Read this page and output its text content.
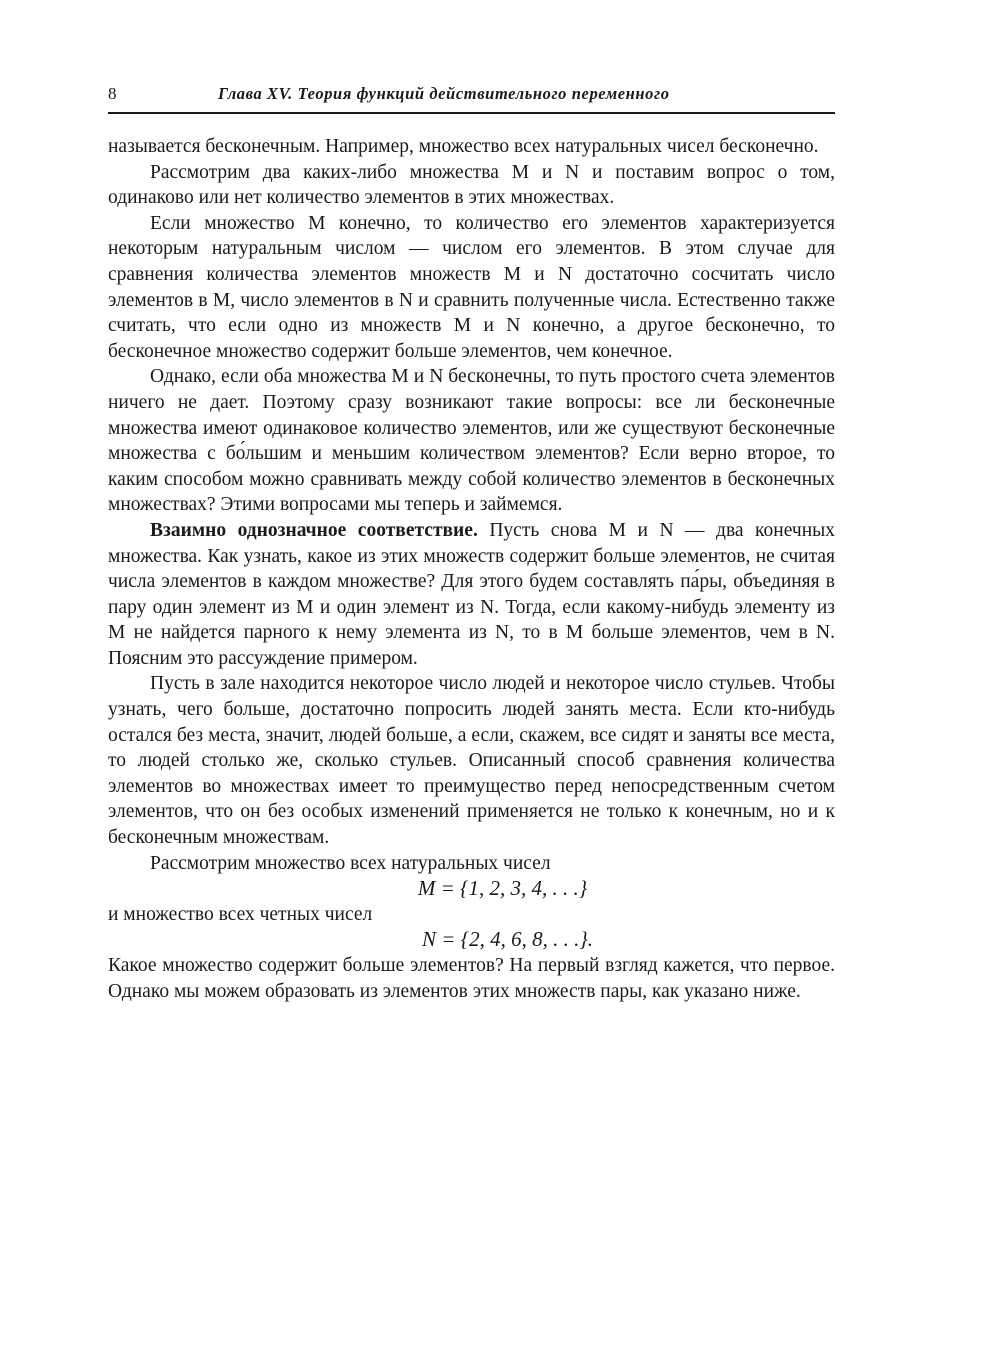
8	Глава XV. Теория функций действительного переменного

называется бесконечным. Например, множество всех натуральных чисел бесконечно.

Рассмотрим два каких-либо множества M и N и поставим вопрос о том, одинаково или нет количество элементов в этих множествах.

Если множество M конечно, то количество его элементов характеризуется некоторым натуральным числом — числом его элементов. В этом случае для сравнения количества элементов множеств M и N достаточно сосчитать число элементов в M, число элементов в N и сравнить полученные числа. Естественно также считать, что если одно из множеств M и N конечно, а другое бесконечно, то бесконечное множество содержит больше элементов, чем конечное.

Однако, если оба множества M и N бесконечны, то путь простого счета элементов ничего не дает. Поэтому сразу возникают такие вопросы: все ли бесконечные множества имеют одинаковое количество элементов, или же существуют бесконечные множества с бо́льшим и меньшим количеством элементов? Если верно второе, то каким способом можно сравнивать между собой количество элементов в бесконечных множествах? Этими вопросами мы теперь и займемся.

Взаимно однозначное соответствие. Пусть снова M и N — два конечных множества. Как узнать, какое из этих множеств содержит больше элементов, не считая числа элементов в каждом множестве? Для этого будем составлять па́ры, объединяя в пару один элемент из M и один элемент из N. Тогда, если какому-нибудь элементу из M не найдется парного к нему элемента из N, то в M больше элементов, чем в N. Поясним это рассуждение примером.

Пусть в зале находится некоторое число людей и некоторое число стульев. Чтобы узнать, чего больше, достаточно попросить людей занять места. Если кто-нибудь остался без места, значит, людей больше, а если, скажем, все сидят и заняты все места, то людей столько же, сколько стульев. Описанный способ сравнения количества элементов во множествах имеет то преимущество перед непосредственным счетом элементов, что он без особых изменений применяется не только к конечным, но и к бесконечным множествам.

Рассмотрим множество всех натуральных чисел

M = {1, 2, 3, 4, . . .}

и множество всех четных чисел

N = {2, 4, 6, 8, . . .}.

Какое множество содержит больше элементов? На первый взгляд кажется, что первое. Однако мы можем образовать из элементов этих множеств пары, как указано ниже.
